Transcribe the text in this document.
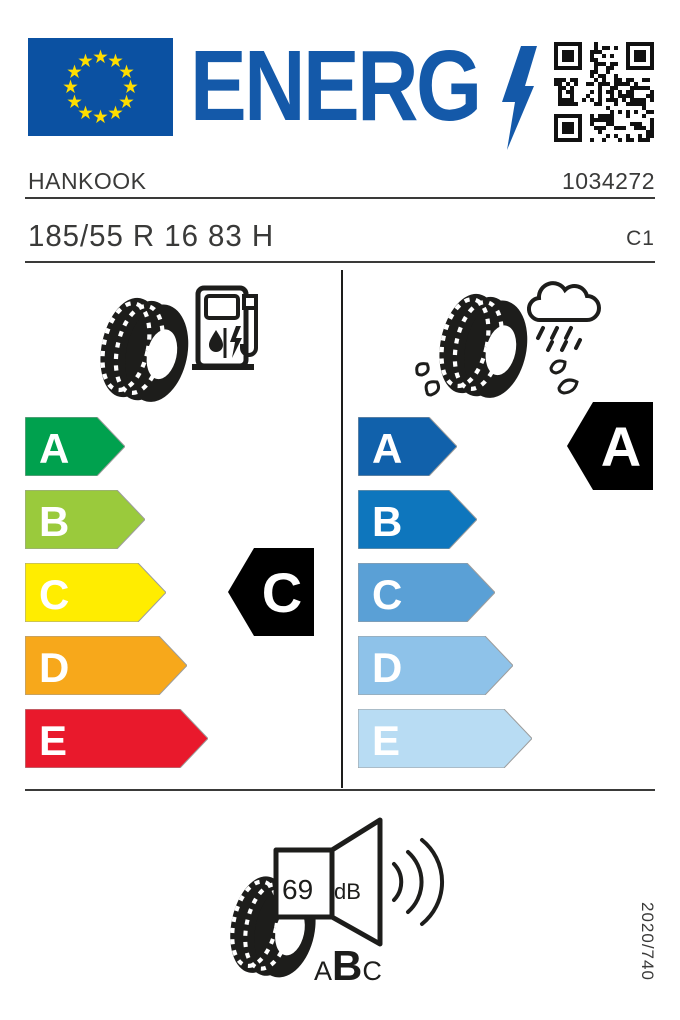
ENERG
HANKOOK	1034272
185/55 R 16 83 H	C1
A
B
C
D
E
C
A
B
C
D
E
A
69 dB
ABC	2020/740
